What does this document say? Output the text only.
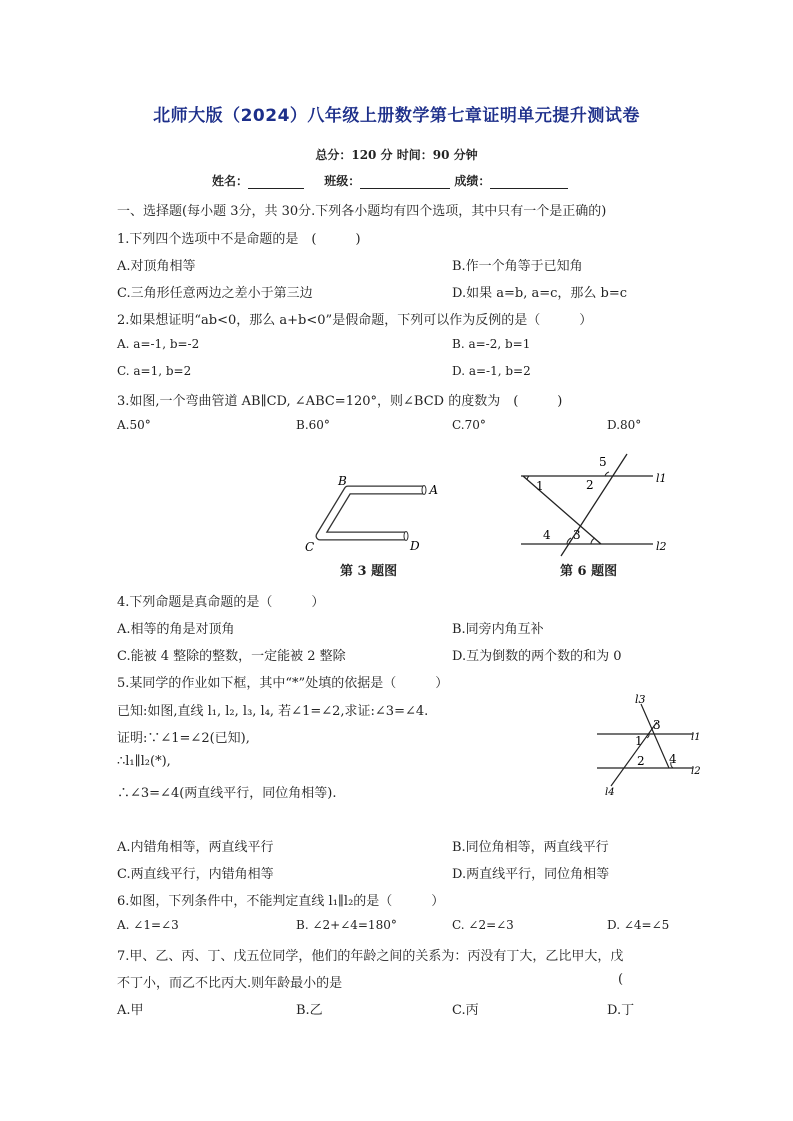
北师大版（2024）八年级上册数学第七章证明单元提升测试卷
总分：120 分 时间：90 分钟
姓名：	班级：	成绩：
一、选择题(每小题 3分，共 30分.下列各小题均有四个选项，其中只有一个是正确的)
1.下列四个选项中不是命题的是　(　　　)
A.对顶角相等	B.作一个角等于已知角
C.三角形任意两边之差小于第三边	D.如果 a=b, a=c，那么 b=c
2.如果想证明“ab<0，那么 a+b<0”是假命题，下列可以作为反例的是（　　　）
A. a=-1, b=-2	B. a=-2, b=1
C. a=1, b=2	D. a=-1, b=2
3.如图,一个弯曲管道 AB∥CD, ∠ABC=120°，则∠BCD 的度数为　(　　　)
A.50°	B.60°	C.70°	D.80°
B
A
C	D
第 3 题图
5
1	2	l1
4 3
l2
第 6 题图
4.下列命题是真命题的是（　　　）
A.相等的角是对顶角	B.同旁内角互补
C.能被 4 整除的整数，一定能被 2 整除	D.互为倒数的两个数的和为 0
5.某同学的作业如下框，其中“*”处填的依据是（　　　）
已知:如图,直线 l₁, l₂, l₃, l₄, 若∠1=∠2,求证:∠3=∠4.
证明:∵∠1=∠2(已知),
∴l₁∥l₂(*),
∴∠3=∠4(两直线平行，同位角相等).
l3
3
1	l1
2 4
l2
l4
A.内错角相等，两直线平行	B.同位角相等，两直线平行
C.两直线平行，内错角相等	D.两直线平行，同位角相等
6.如图，下列条件中，不能判定直线 l₁∥l₂的是（　　　）
A. ∠1=∠3	B. ∠2+∠4=180°	C. ∠2=∠3	D. ∠4=∠5
7.甲、乙、丙、丁、戊五位同学，他们的年龄之间的关系为：丙没有丁大，乙比甲大，戊
不丁小，而乙不比丙大.则年龄最小的是	(
A.甲	B.乙	C.丙	D.丁
